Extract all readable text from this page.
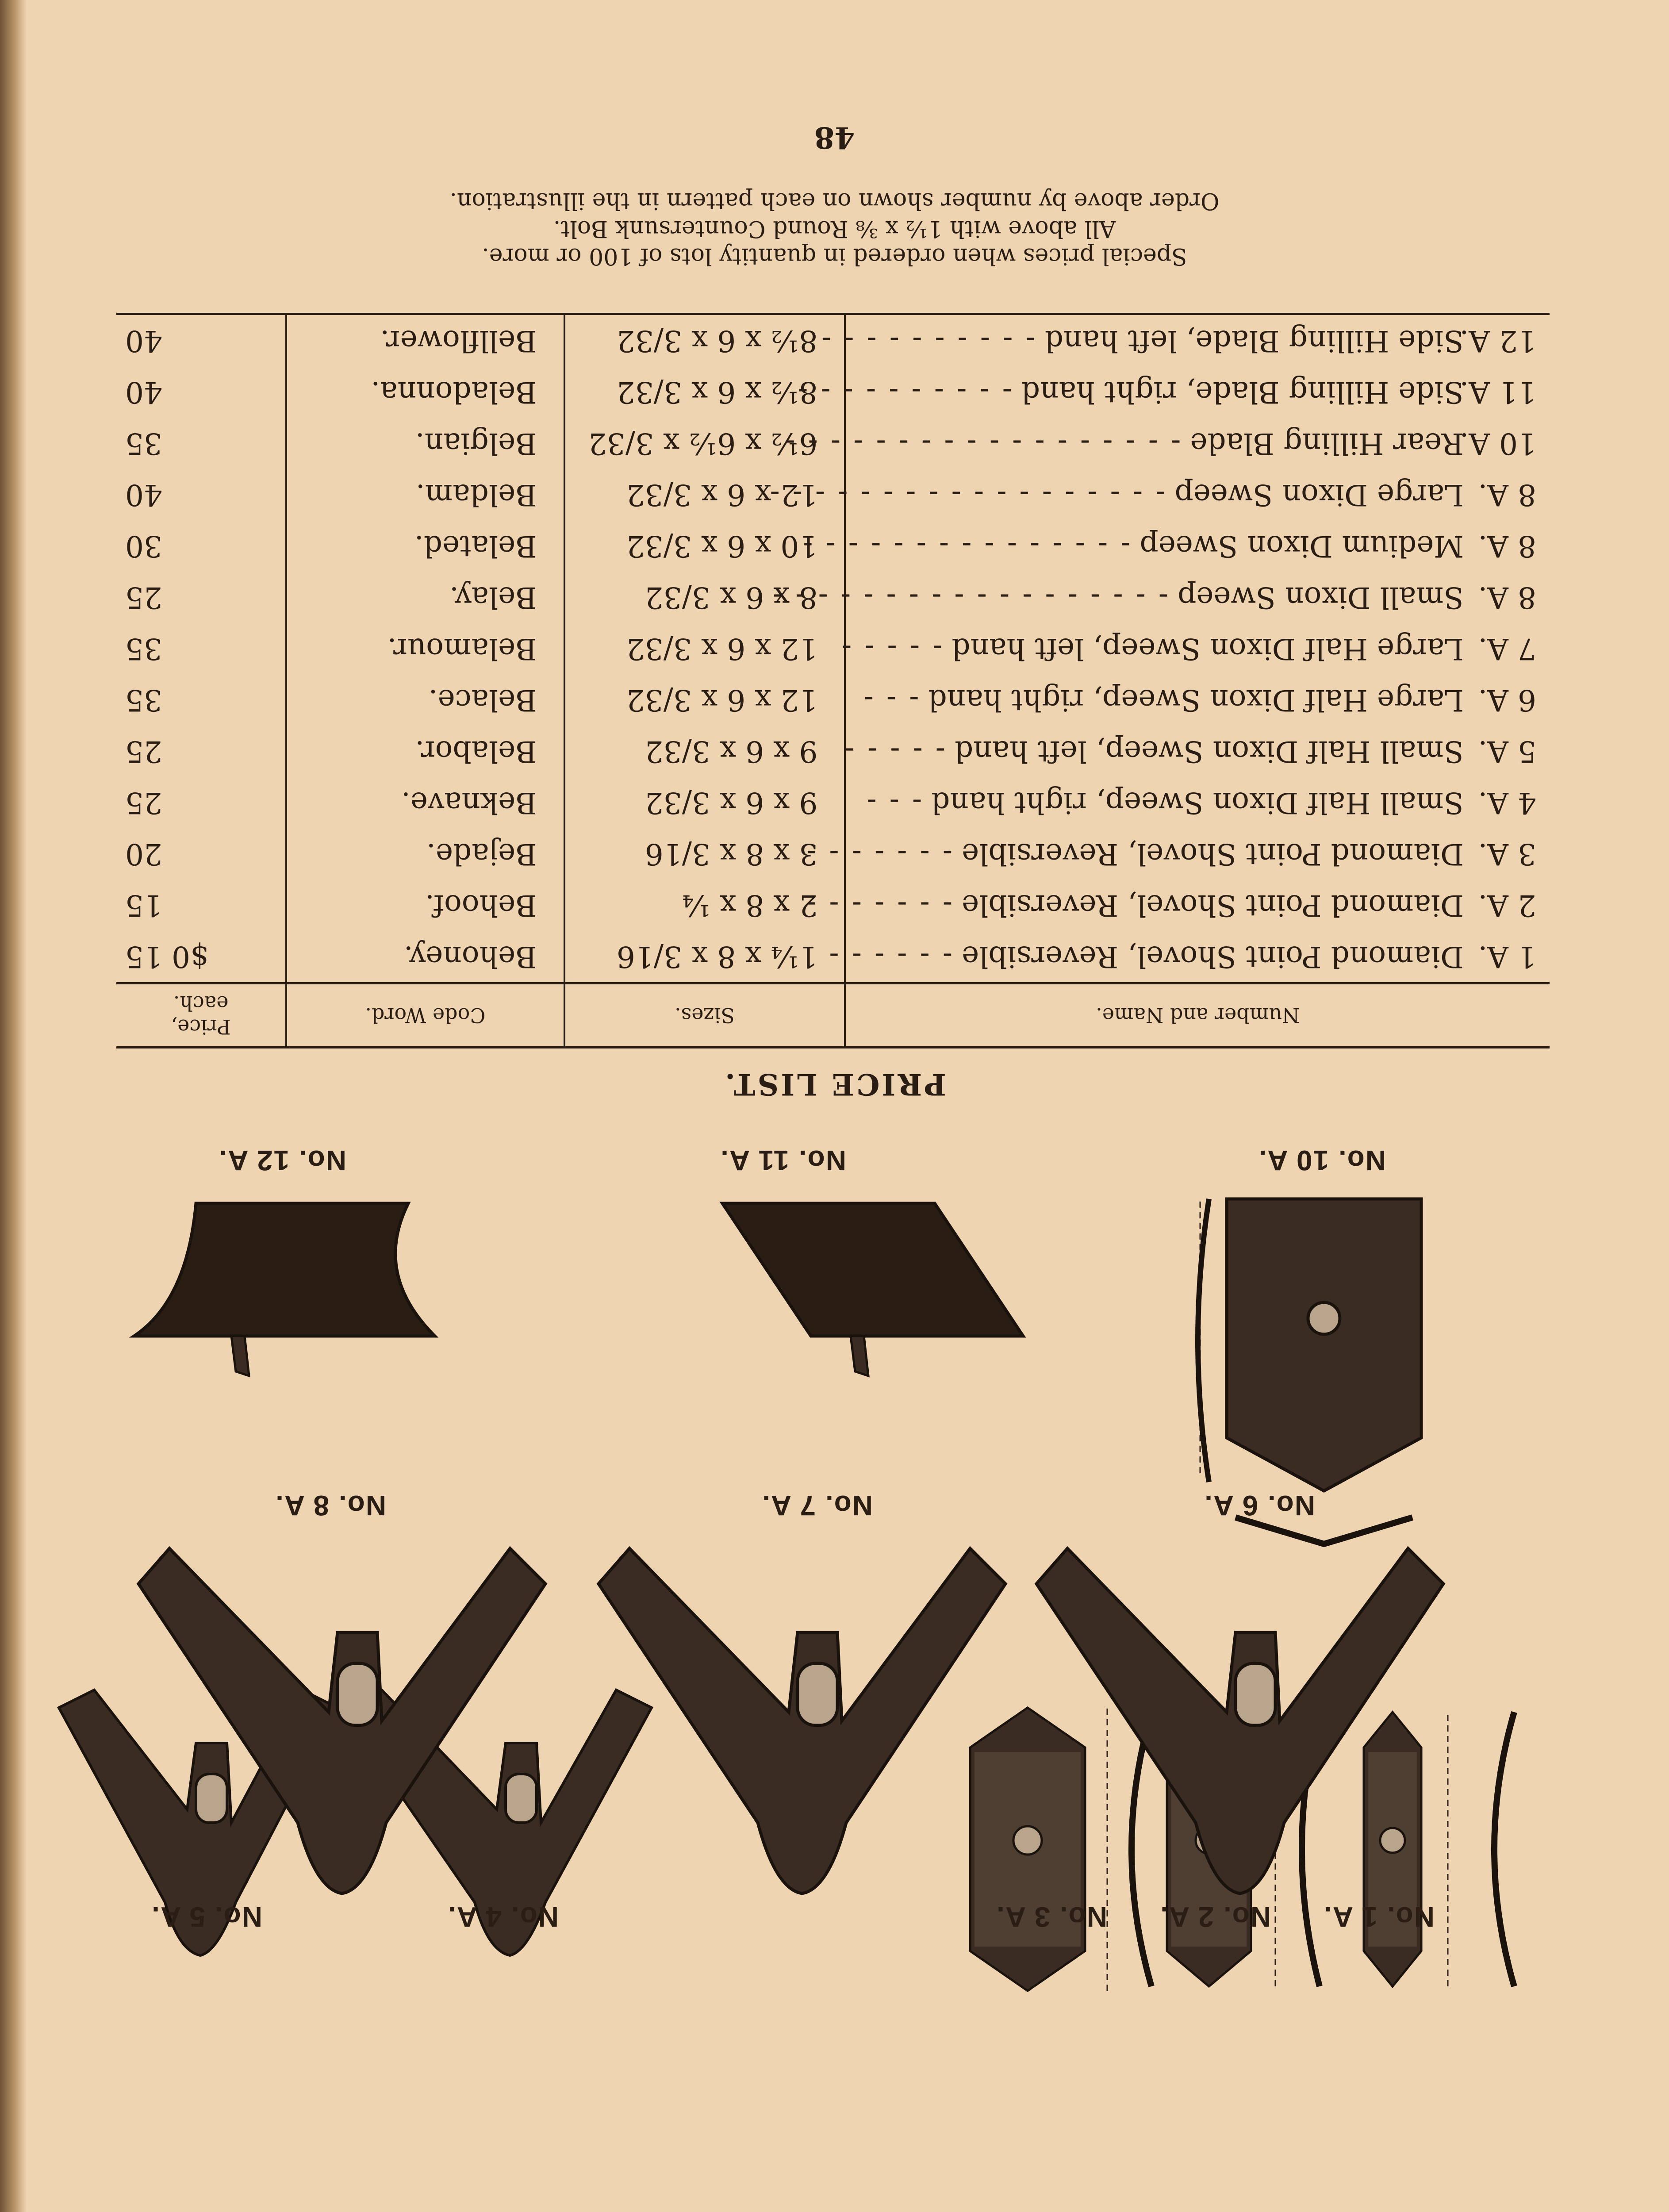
No. 1 A.
No. 2 A.
No. 3 A.
No. 4 A.
No. 5 A.
No. 6 A.
No. 7 A.
No. 8 A.
No. 10 A.
No. 11 A.
No. 12 A.
PRICE LIST.
Number and Name.	Sizes.	Code Word.	Price,
each.
1 A.Diamond Point Shovel, Reversible - - - - - -	1¼ x 8 x 3/16	Behoney.	$0 15
2 A.Diamond Point Shovel, Reversible - - - - - - -	2 x 8 x ¼	Behoof.	15
3 A.Diamond Point Shovel, Reversible - - - - - - -	3 x 8 x 3/16	Bejade.	20
4 A.Small Half Dixon Sweep, right hand - - -	9 x 6 x 3/32	Beknave.	25
5 A.Small Half Dixon Sweep, left hand - - - - -	9 x 6 x 3/32	Belabor.	25
6 A.Large Half Dixon Sweep, right hand - - -	12 x 6 x 3/32	Belace.	35
7 A.Large Half Dixon Sweep, left hand - - - - -	12 x 6 x 3/32	Belamour.	35
8 A.Small Dixon Sweep - - - - - - - - - - - - - - - - - -	8 x 6 x 3/32	Belay.	25
8 A.Medium Dixon Sweep - - - - - - - - - - - - - - -	10 x 6 x 3/32	Belated.	30
8 A.Large Dixon Sweep - - - - - - - - - - - - - - - - - -	12 x 6 x 3/32	Beldam.	40
10 A.Rear Hilling Blade - - - - - - - - - - - - - - - - - -	6½ x 6½ x 3/32	Belgian.	35
11 A.Side Hilling Blade, right hand - - - - - - - - - -	8½ x 6 x 3/32	Beladonna.	40
12 A.Side Hilling Blade, left hand - - - - - - - - - -	8½ x 6 x 3/32	Bellflower.	40
Special prices when ordered in quantity lots of 100 or more.
All above with 1½ x ⅜ Round Countersunk Bolt.
Order above by number shown on each pattern in the illustration.
48
